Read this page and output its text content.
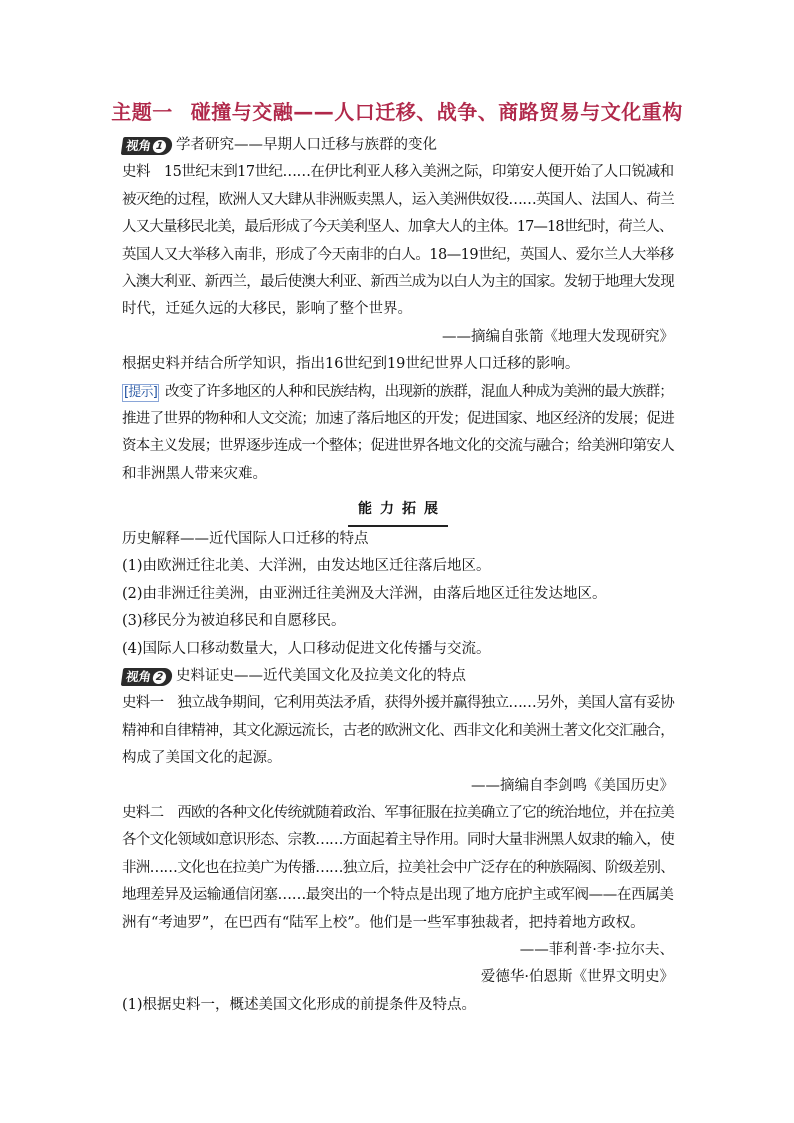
主题一 碰撞与交融——人口迁移、战争、商路贸易与文化重构
视角 1 学者研究——早期人口迁移与族群的变化
史料　 15世纪末到17世纪……在伊比利亚人移入美洲之际，印第安人便开始了人口锐减和
被灭绝的过程，欧洲人又大肆从非洲贩卖黑人，运入美洲供奴役……英国人、法国人、荷兰
人又大量移民北美，最后形成了今天美利坚人、加拿大人的主体。17—18世纪时，荷兰人、
英国人又大举移入南非，形成了今天南非的白人。18—19世纪，英国人、爱尔兰人大举移
入澳大利亚、新西兰，最后使澳大利亚、新西兰成为以白人为主的国家。发轫于地理大发现
时代，迁延久远的大移民，影响了整个世界。
——摘编自张箭《地理大发现研究》
根据史料并结合所学知识，指出16世纪到19世纪世界人口迁移的影响。
[提示] 改变了许多地区的人种和民族结构，出现新的族群，混血人种成为美洲的最大族群；
推进了世界的物种和人文交流；加速了落后地区的开发；促进国家、地区经济的发展；促进
资本主义发展；世界逐步连成一个整体；促进世界各地文化的交流与融合；给美洲印第安人
和非洲黑人带来灾难。
能力拓展
历史解释——近代国际人口迁移的特点
(1)由欧洲迁往北美、大洋洲，由发达地区迁往落后地区。
(2)由非洲迁往美洲，由亚洲迁往美洲及大洋洲，由落后地区迁往发达地区。
(3)移民分为被迫移民和自愿移民。
(4)国际人口移动数量大，人口移动促进文化传播与交流。
视角 2 史料证史——近代美国文化及拉美文化的特点
史料一　独立战争期间，它利用英法矛盾，获得外援并赢得独立……另外，美国人富有妥协
精神和自律精神，其文化源远流长，古老的欧洲文化、西非文化和美洲土著文化交汇融合，
构成了美国文化的起源。
——摘编自李剑鸣《美国历史》
史料二　西欧的各种文化传统就随着政治、军事征服在拉美确立了它的统治地位，并在拉美
各个文化领域如意识形态、宗教……方面起着主导作用。同时大量非洲黑人奴隶的输入，使
非洲……文化也在拉美广为传播……独立后，拉美社会中广泛存在的种族隔阂、阶级差别、
地理差异及运输通信闭塞……最突出的一个特点是出现了地方庇护主或军阀——在西属美
洲有“考迪罗”，在巴西有“陆军上校”。他们是一些军事独裁者，把持着地方政权。
——菲利普·李·拉尔夫、
爱德华·伯恩斯《世界文明史》
(1)根据史料一，概述美国文化形成的前提条件及特点。
